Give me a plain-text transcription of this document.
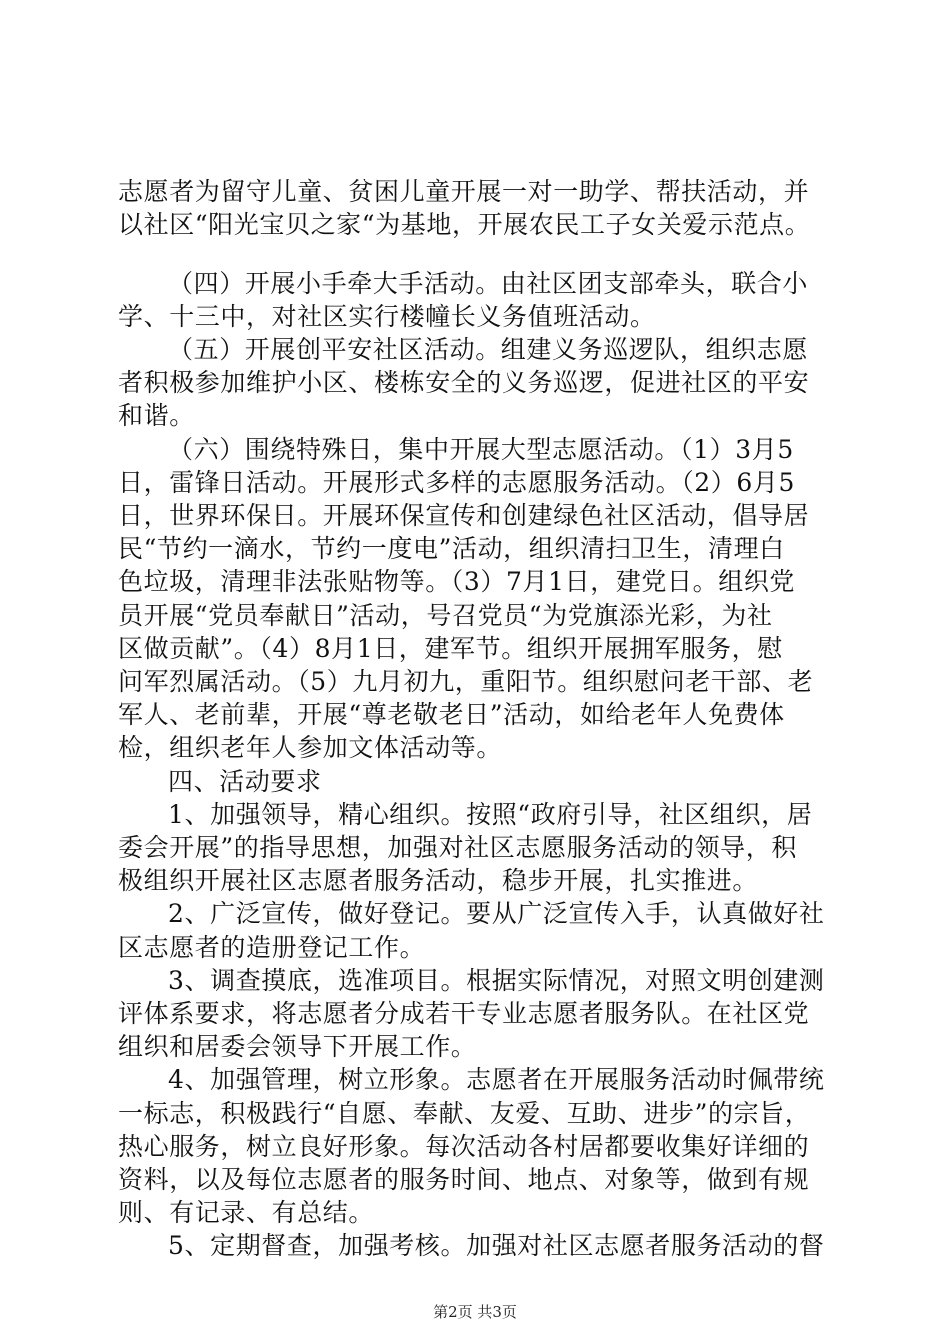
志愿者为留守儿童、贫困儿童开展一对一助学、帮扶活动，并
以社区“阳光宝贝之家“为基地，开展农民工子女关爱示范点。
（四）开展小手牵大手活动。由社区团支部牵头，联合小
学、十三中，对社区实行楼幢长义务值班活动。
（五）开展创平安社区活动。组建义务巡逻队，组织志愿
者积极参加维护小区、楼栋安全的义务巡逻，促进社区的平安
和谐。
（六）围绕特殊日，集中开展大型志愿活动。（1）3月5
日，雷锋日活动。开展形式多样的志愿服务活动。（2）6月5
日，世界环保日。开展环保宣传和创建绿色社区活动，倡导居
民“节约一滴水，节约一度电”活动，组织清扫卫生，清理白
色垃圾，清理非法张贴物等。（3）7月1日，建党日。组织党
员开展“党员奉献日”活动，号召党员“为党旗添光彩，为社
区做贡献”。（4）8月1日，建军节。组织开展拥军服务，慰
问军烈属活动。（5）九月初九，重阳节。组织慰问老干部、老
军人、老前辈，开展“尊老敬老日”活动，如给老年人免费体
检，组织老年人参加文体活动等。
四、活动要求
1、加强领导，精心组织。按照“政府引导，社区组织，居
委会开展”的指导思想，加强对社区志愿服务活动的领导，积
极组织开展社区志愿者服务活动，稳步开展，扎实推进。
2、广泛宣传，做好登记。要从广泛宣传入手，认真做好社
区志愿者的造册登记工作。
3、调查摸底，选准项目。根据实际情况，对照文明创建测
评体系要求，将志愿者分成若干专业志愿者服务队。在社区党
组织和居委会领导下开展工作。
4、加强管理，树立形象。志愿者在开展服务活动时佩带统
一标志，积极践行“自愿、奉献、友爱、互助、进步”的宗旨，
热心服务，树立良好形象。每次活动各村居都要收集好详细的
资料，以及每位志愿者的服务时间、地点、对象等，做到有规
则、有记录、有总结。
5、定期督查，加强考核。加强对社区志愿者服务活动的督
第2页 共3页
